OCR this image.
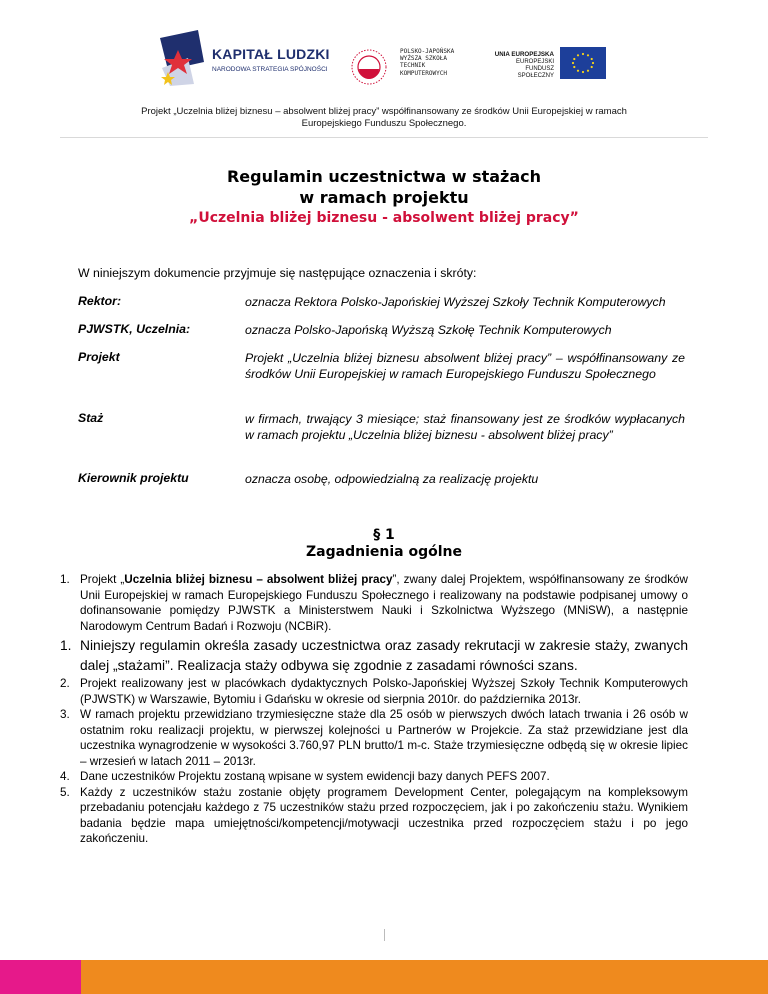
KAPITAŁ LUDZKI
NARODOWA STRATEGIA SPÓJNOŚCI
POLSKO-JAPOŃSKA
WYŻSZA SZKOŁA
TECHNIK
KOMPUTEROWYCH
UNIA EUROPEJSKA
EUROPEJSKI
FUNDUSZ SPOŁECZNY
Projekt „Uczelnia bliżej biznesu – absolwent bliżej pracy” współfinansowany ze środków Unii Europejskiej w ramach
Europejskiego Funduszu Społecznego.
Regulamin uczestnictwa w stażach
w ramach projektu
„Uczelnia bliżej biznesu - absolwent bliżej pracy”
W niniejszym dokumencie przyjmuje się następujące oznaczenia i skróty:
Rektor:	oznacza Rektora Polsko-Japońskiej Wyższej Szkoły Technik Komputerowych
PJWSTK, Uczelnia:	oznacza Polsko-Japońską Wyższą Szkołę Technik Komputerowych
Projekt	Projekt „Uczelnia bliżej biznesu absolwent bliżej pracy” – współfinansowany ze środków Unii Europejskiej w ramach Europejskiego Funduszu Społecznego
Staż	w firmach, trwający 3 miesiące; staż finansowany jest ze środków wypłacanych w ramach projektu „Uczelnia bliżej biznesu - absolwent bliżej pracy”
Kierownik projektu	oznacza osobę, odpowiedzialną za realizację projektu
§ 1
Zagadnienia ogólne
1. Projekt „Uczelnia bliżej biznesu – absolwent bliżej pracy”, zwany dalej Projektem, współfinansowany ze środków Unii Europejskiej w ramach Europejskiego Funduszu Społecznego i realizowany na podstawie podpisanej umowy o dofinansowanie pomiędzy PJWSTK a Ministerstwem Nauki i Szkolnictwa Wyższego (MNiSW), a następnie Narodowym Centrum Badań i Rozwoju (NCBiR).
1. Niniejszy regulamin określa zasady uczestnictwa oraz zasady rekrutacji w zakresie staży, zwanych dalej „stażami”. Realizacja staży odbywa się zgodnie z zasadami równości szans.
2. Projekt realizowany jest w placówkach dydaktycznych Polsko-Japońskiej Wyższej Szkoły Technik Komputerowych (PJWSTK) w Warszawie, Bytomiu i Gdańsku w okresie od sierpnia 2010r. do października 2013r.
3. W ramach projektu przewidziano trzymiesięczne staże dla 25 osób w pierwszych dwóch latach trwania i 26 osób w ostatnim roku realizacji projektu, w pierwszej kolejności u Partnerów w Projekcie. Za staż przewidziane jest dla uczestnika wynagrodzenie w wysokości 3.760,97 PLN brutto/1 m-c. Staże trzymiesięczne odbędą się w okresie lipiec – wrzesień w latach 2011 – 2013r.
4. Dane uczestników Projektu zostaną wpisane w system ewidencji bazy danych PEFS 2007.
5. Każdy z uczestników stażu zostanie objęty programem Development Center, polegającym na kompleksowym przebadaniu potencjału każdego z 75 uczestników stażu przed rozpoczęciem, jak i po zakończeniu stażu. Wynikiem badania będzie mapa umiejętności/kompetencji/motywacji uczestnika przed rozpoczęciem stażu i po jego zakończeniu.
